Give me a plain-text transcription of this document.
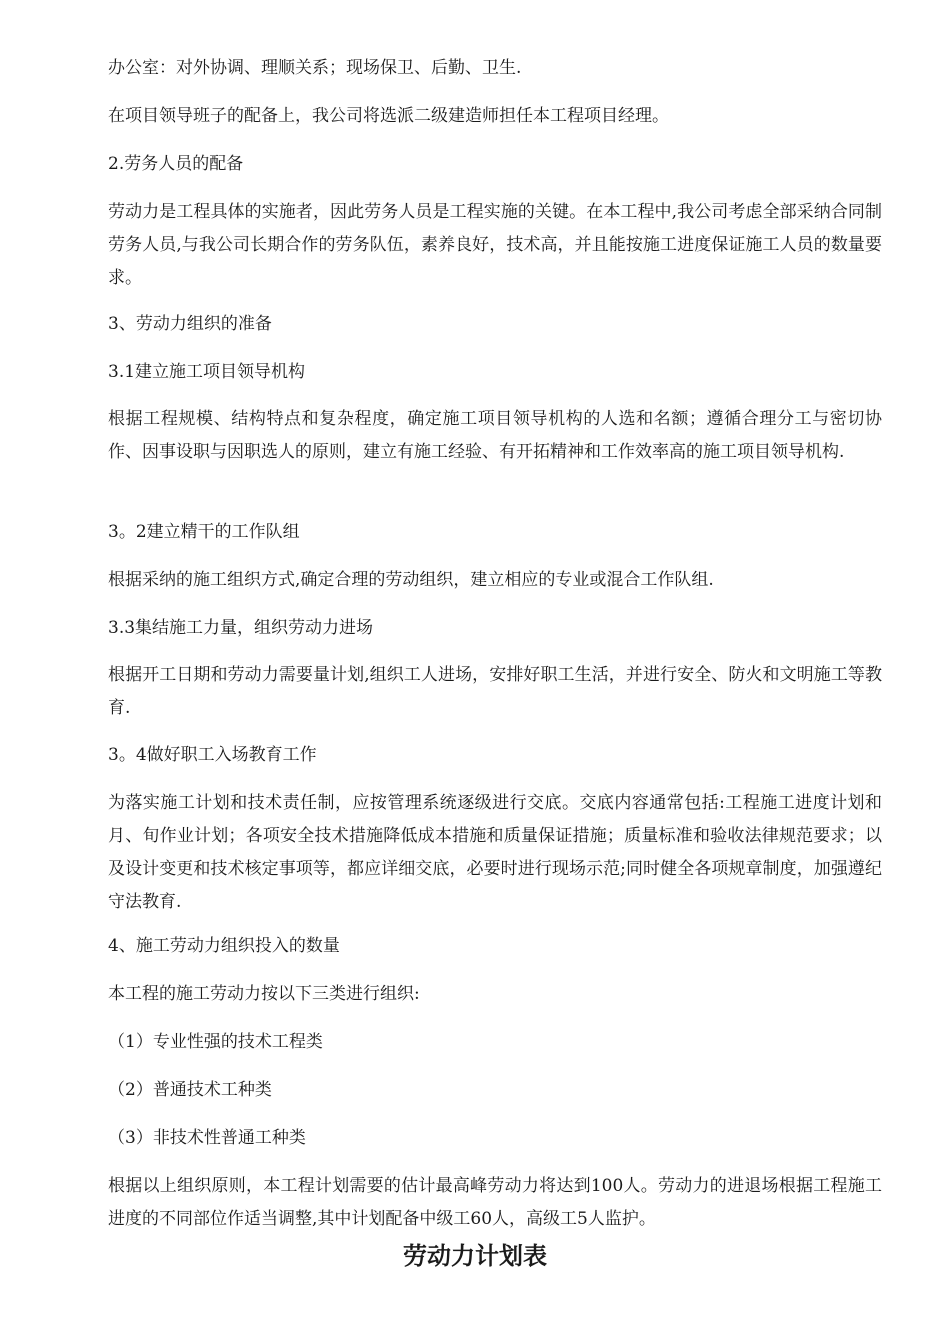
办公室：对外协调、理顺关系；现场保卫、后勤、卫生.

在项目领导班子的配备上，我公司将选派二级建造师担任本工程项目经理。

2.劳务人员的配备

劳动力是工程具体的实施者，因此劳务人员是工程实施的关键。在本工程中,我公司考虑全部采纳合同制劳务人员,与我公司长期合作的劳务队伍，素养良好，技术高，并且能按施工进度保证施工人员的数量要求。

3、劳动力组织的准备

3.1建立施工项目领导机构

根据工程规模、结构特点和复杂程度，确定施工项目领导机构的人选和名额；遵循合理分工与密切协作、因事设职与因职选人的原则，建立有施工经验、有开拓精神和工作效率高的施工项目领导机构.

3。2建立精干的工作队组

根据采纳的施工组织方式,确定合理的劳动组织，建立相应的专业或混合工作队组.

3.3集结施工力量，组织劳动力进场

根据开工日期和劳动力需要量计划,组织工人进场，安排好职工生活，并进行安全、防火和文明施工等教育.

3。4做好职工入场教育工作

为落实施工计划和技术责任制，应按管理系统逐级进行交底。交底内容通常包括:工程施工进度计划和月、旬作业计划；各项安全技术措施降低成本措施和质量保证措施；质量标准和验收法律规范要求；以及设计变更和技术核定事项等，都应详细交底，必要时进行现场示范;同时健全各项规章制度，加强遵纪守法教育.

4、施工劳动力组织投入的数量

本工程的施工劳动力按以下三类进行组织:

（1）专业性强的技术工程类

（2）普通技术工种类

（3）非技术性普通工种类

根据以上组织原则，本工程计划需要的估计最高峰劳动力将达到100人。劳动力的进退场根据工程施工进度的不同部位作适当调整,其中计划配备中级工60人，高级工5人监护。

劳动力计划表
